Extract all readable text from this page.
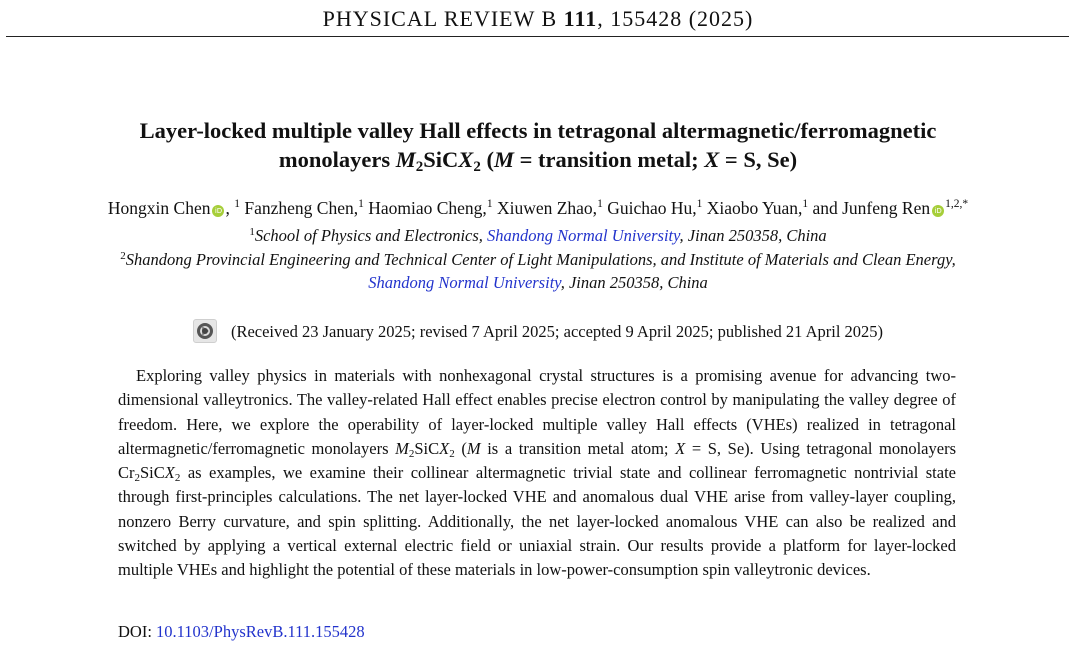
PHYSICAL REVIEW B 111, 155428 (2025)
Layer-locked multiple valley Hall effects in tetragonal altermagnetic/ferromagnetic
monolayers $M_2SiCX_2$ (M = transition metal; X = S, Se)
Hongxin Chen iD , $^1$ Fanzheng Chen,$^1$ Haomiao Cheng,$^1$ Xiuwen Zhao,$^1$ Guichao Hu,$^1$ Xiaobo Yuan,$^1$ and Junfeng Ren $iD^{1,2,*}$
$^1$School of Physics and Electronics, Shandong Normal University, Jinan 250358, China
$^2$Shandong Provincial Engineering and Technical Center of Light Manipulations, and Institute of Materials and Clean Energy,
Shandong Normal University, Jinan 250358, China
(Received 23 January 2025; revised 7 April 2025; accepted 9 April 2025; published 21 April 2025)

Exploring valley physics in materials with nonhexagonal crystal structures is a promising avenue for advancing two-dimensional valleytronics. The valley-related Hall effect enables precise electron control by manipulating the valley degree of freedom. Here, we explore the operability of layer-locked multiple valley Hall effects (VHEs) realized in tetragonal altermagnetic/ferromagnetic monolayers $M_2SiCX_2$ (M is a transition metal atom; X = S, Se). Using tetragonal monolayers $Cr_2SiCX_2$ as examples, we examine their collinear altermagnetic trivial state and collinear ferromagnetic nontrivial state through first-principles calculations. The net layer-locked VHE and anomalous dual VHE arise from valley-layer coupling, nonzero Berry curvature, and spin splitting. Additionally, the net layer-locked anomalous VHE can also be realized and switched by applying a vertical external electric field or uniaxial strain. Our results provide a platform for layer-locked multiple VHEs and highlight the potential of these materials in low-power-consumption spin valleytronic devices.

DOI: 10.1103/PhysRevB.111.155428
